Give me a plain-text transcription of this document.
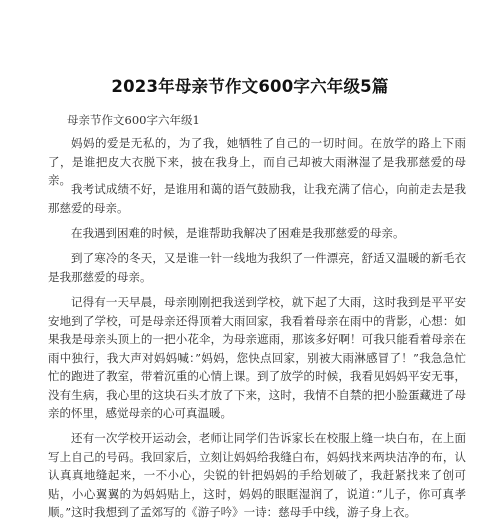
2023年母亲节作文600字六年级5篇
母亲节作文600字六年级1

妈妈的爱是无私的，为了我，她牺牲了自己的一切时间。在放学的路上下雨了，是谁把皮大衣脱下来，披在我身上，而自己却被大雨淋湿了是我那慈爱的母亲。

我考试成绩不好，是谁用和蔼的语气鼓励我，让我充满了信心，向前走去是我那慈爱的母亲。

在我遇到困难的时候，是谁帮助我解决了困难是我那慈爱的母亲。

到了寒冷的冬天，又是谁一针一线地为我织了一件漂亮，舒适又温暖的新毛衣是我那慈爱的母亲。

记得有一天早晨，母亲刚刚把我送到学校，就下起了大雨，这时我到是平平安安地到了学校，可是母亲还得顶着大雨回家，我看着母亲在雨中的背影，心想：如果我是母亲头顶上的一把小花伞，为母亲遮雨，那该多好啊！可我只能看着母亲在雨中独行，我大声对妈妈喊：”妈妈，您快点回家，别被大雨淋感冒了！”我急急忙忙的跑进了教室，带着沉重的心情上课。到了放学的时候，我看见妈妈平安无事，没有生病，我心里的这块石头才放了下来，这时，我情不自禁的把小脸蛋藏进了母亲的怀里，感觉母亲的心可真温暖。

还有一次学校开运动会，老师让同学们告诉家长在校服上缝一块白布，在上面写上自己的号码。我回家后，立刻让妈妈给我缝白布，妈妈找来两块洁净的布，认认真真地缝起来，一不小心，尖锐的针把妈妈的手给划破了，我赶紧找来了创可贴，小心翼翼的为妈妈贴上，这时，妈妈的眼眶湿润了，说道：”儿子，你可真孝顺。”这时我想到了孟郊写的《游子吟》一诗：慈母手中线，游子身上衣。
